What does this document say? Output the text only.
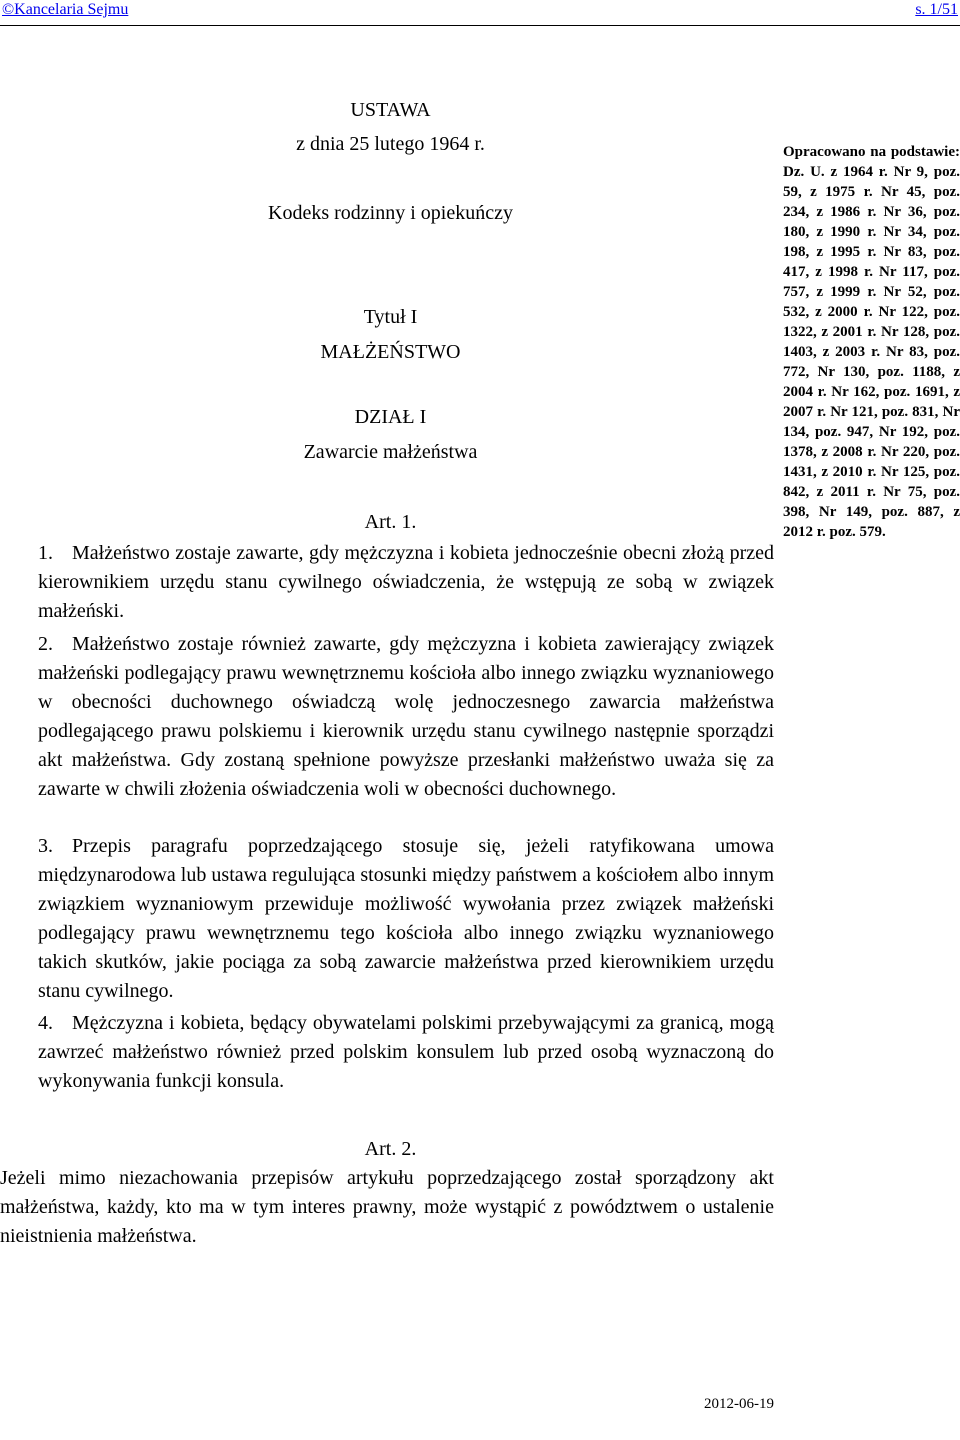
©Kancelaria Sejmu	s. 1/51
USTAWA
z dnia 25 lutego 1964 r.
Kodeks rodzinny i opiekuńczy
Tytuł I
MAŁŻEŃSTWO
DZIAŁ I
Zawarcie małżeństwa
Art. 1.
1. Małżeństwo zostaje zawarte, gdy mężczyzna i kobieta jednocześnie obecni złożą przed kierownikiem urzędu stanu cywilnego oświadczenia, że wstępują ze sobą w związek małżeński.
2. Małżeństwo zostaje również zawarte, gdy mężczyzna i kobieta zawierający związek małżeński podlegający prawu wewnętrznemu kościoła albo innego związku wyznaniowego w obecności duchownego oświadczą wolę jednoczesnego zawarcia małżeństwa podlegającego prawu polskiemu i kierownik urzędu stanu cywilnego następnie sporządzi akt małżeństwa. Gdy zostaną spełnione powyższe przesłanki małżeństwo uważa się za zawarte w chwili złożenia oświadczenia woli w obecności duchownego.
3. Przepis paragrafu poprzedzającego stosuje się, jeżeli ratyfikowana umowa międzynarodowa lub ustawa regulująca stosunki między państwem a kościołem albo innym związkiem wyznaniowym przewiduje możliwość wywołania przez związek małżeński podlegający prawu wewnętrznemu tego kościoła albo innego związku wyznaniowego takich skutków, jakie pociąga za sobą zawarcie małżeństwa przed kierownikiem urzędu stanu cywilnego.
4. Mężczyzna i kobieta, będący obywatelami polskimi przebywającymi za granicą, mogą zawrzeć małżeństwo również przed polskim konsulem lub przed osobą wyznaczoną do wykonywania funkcji konsula.
Art. 2.
Jeżeli mimo niezachowania przepisów artykułu poprzedzającego został sporządzony akt małżeństwa, każdy, kto ma w tym interes prawny, może wystąpić z powództwem o ustalenie nieistnienia małżeństwa.
Opracowano na podstawie: Dz. U. z 1964 r. Nr 9, poz. 59, z 1975 r. Nr 45, poz. 234, z 1986 r. Nr 36, poz. 180, z 1990 r. Nr 34, poz. 198, z 1995 r. Nr 83, poz. 417, z 1998 r. Nr 117, poz. 757, z 1999 r. Nr 52, poz. 532, z 2000 r. Nr 122, poz. 1322, z 2001 r. Nr 128, poz. 1403, z 2003 r. Nr 83, poz. 772, Nr 130, poz. 1188, z 2004 r. Nr 162, poz. 1691, z 2007 r. Nr 121, poz. 831, Nr 134, poz. 947, Nr 192, poz. 1378, z 2008 r. Nr 220, poz. 1431, z 2010 r. Nr 125, poz. 842, z 2011 r. Nr 75, poz. 398, Nr 149, poz. 887, z 2012 r. poz. 579.
2012-06-19
